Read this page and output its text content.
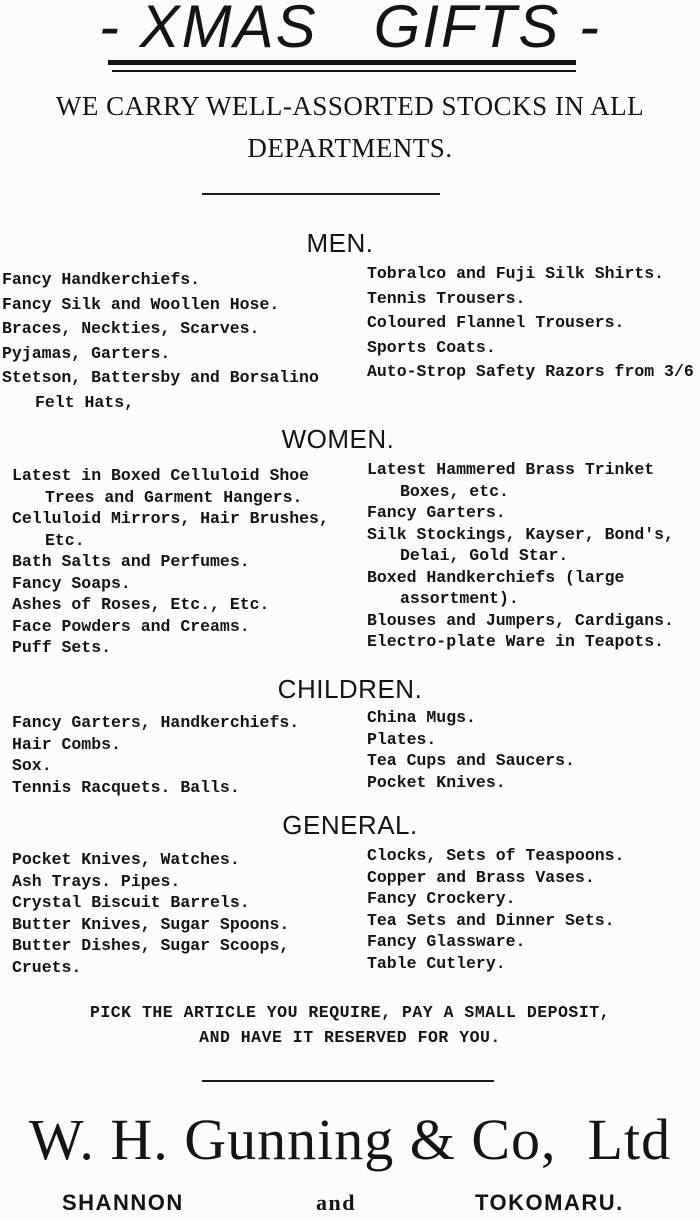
- XMAS   GIFTS -
WE CARRY WELL-ASSORTED STOCKS IN ALL
DEPARTMENTS.
MEN.

Fancy Handkerchiefs.

Fancy Silk and Woollen Hose.

Braces, Neckties, Scarves.

Pyjamas, Garters.

Stetson, Battersby and Borsalino Felt Hats,

Tobralco and Fuji Silk Shirts.

Tennis Trousers.

Coloured Flannel Trousers.

Sports Coats.

Auto-Strop Safety Razors from 3/6

WOMEN.

Latest in Boxed Celluloid Shoe Trees and Garment Hangers.

Celluloid Mirrors, Hair Brushes, Etc.

Bath Salts and Perfumes.

Fancy Soaps.

Ashes of Roses, Etc., Etc.

Face Powders and Creams.

Puff Sets.

Latest Hammered Brass Trinket Boxes, etc.

Fancy Garters.

Silk Stockings, Kayser, Bond's, Delai, Gold Star.

Boxed Handkerchiefs (large assortment).

Blouses and Jumpers, Cardigans.

Electro-plate Ware in Teapots.

CHILDREN.

Fancy Garters, Handkerchiefs.

Hair Combs.

Sox.

Tennis Racquets. Balls.

China Mugs.

Plates.

Tea Cups and Saucers.

Pocket Knives.

GENERAL.

Pocket Knives, Watches.

Ash Trays. Pipes.

Crystal Biscuit Barrels.

Butter Knives, Sugar Spoons.

Butter Dishes, Sugar Scoops,

Cruets.

Clocks, Sets of Teaspoons.

Copper and Brass Vases.

Fancy Crockery.

Tea Sets and Dinner Sets.

Fancy Glassware.

Table Cutlery.

PICK THE ARTICLE YOU REQUIRE, PAY A SMALL DEPOSIT,
AND HAVE IT RESERVED FOR YOU.
W. H. Gunning & Co,  Ltd
SHANNON	and	TOKOMARU.
